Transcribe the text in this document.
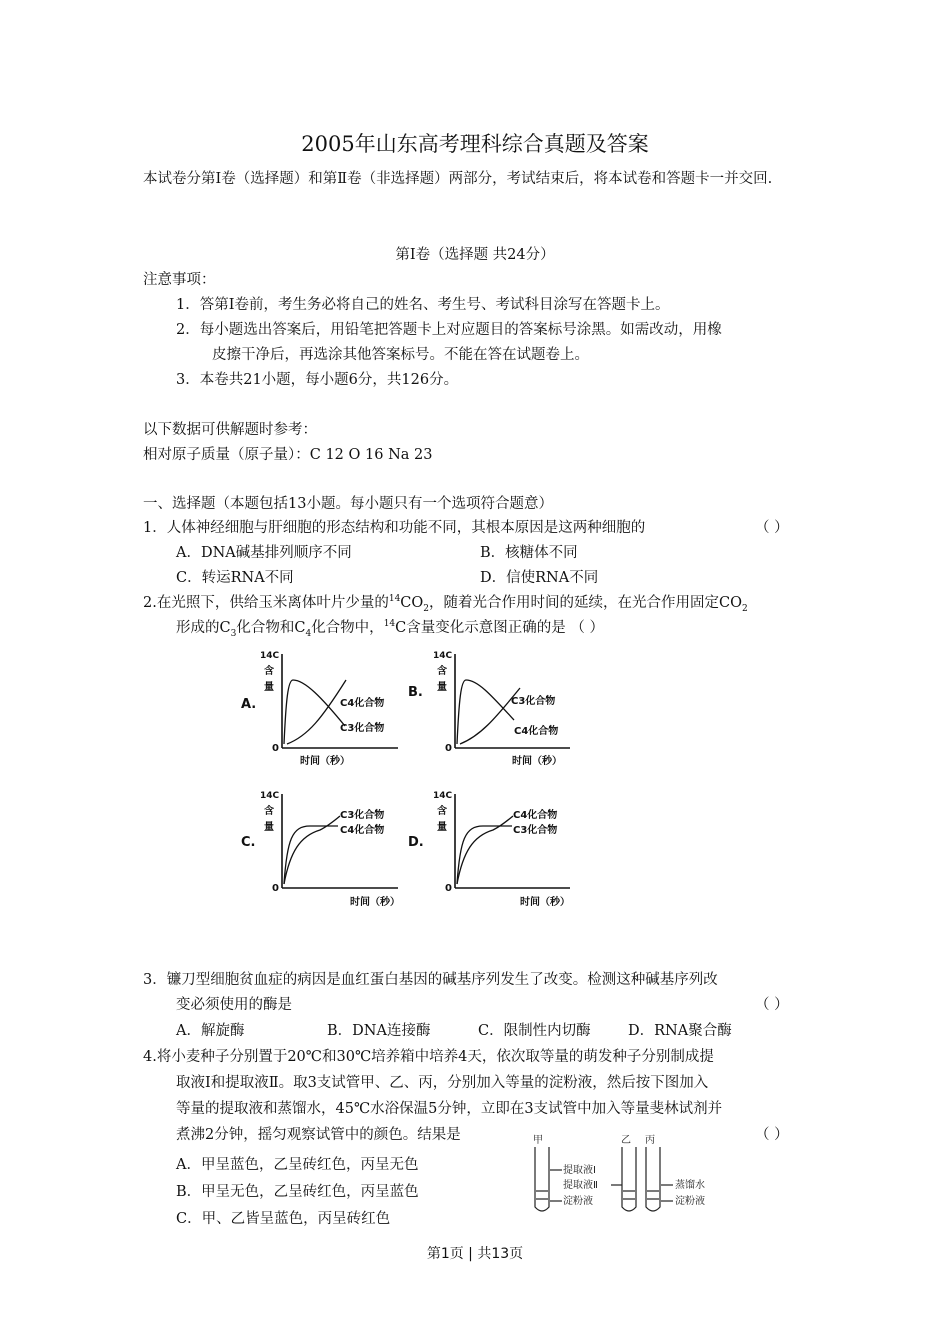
2005年山东高考理科综合真题及答案
本试卷分第Ⅰ卷（选择题）和第Ⅱ卷（非选择题）两部分，考试结束后，将本试卷和答题卡一并交回.
第Ⅰ卷（选择题 共24分）
注意事项：
1．答第Ⅰ卷前，考生务必将自己的姓名、考生号、考试科目涂写在答题卡上。
2．每小题选出答案后，用铅笔把答题卡上对应题目的答案标号涂黑。如需改动，用橡
皮擦干净后，再选涂其他答案标号。不能在答在试题卷上。
3．本卷共21小题，每小题6分，共126分。
以下数据可供解题时参考：
相对原子质量（原子量）：C 12 O 16 Na 23
一、选择题（本题包括13小题。每小题只有一个选项符合题意）
1．人体神经细胞与肝细胞的形态结构和功能不同，其根本原因是这两种细胞的	（ ）
A．DNA碱基排列顺序不同	B．核糖体不同
C．转运RNA不同	D．信使RNA不同
2.在光照下，供给玉米离体叶片少量的$^{14}CO_2$，随着光合作用时间的延续，在光合作用固定$CO_2$
形成的$C_3$化合物和$C_4$化合物中，$^{14}$C含量变化示意图正确的是 （ ）
A.
14C
含
量
0
C4化合物
C3化合物
时间（秒）
B.
14C
含
量
0
C3化合物
C4化合物
时间（秒）
C.
14C
含
量
0
C3化合物
C4化合物
时间（秒）
D.
14C
含
量
0
C4化合物
C3化合物
时间（秒）
3．镰刀型细胞贫血症的病因是血红蛋白基因的碱基序列发生了改变。检测这种碱基序列改
变必须使用的酶是	（ ）
A．解旋酶	B．DNA连接酶	C．限制性内切酶	D．RNA聚合酶
4.将小麦种子分别置于20℃和30℃培养箱中培养4天，依次取等量的萌发种子分别制成提
取液Ⅰ和提取液Ⅱ。取3支试管甲、乙、丙，分别加入等量的淀粉液，然后按下图加入
等量的提取液和蒸馏水，45℃水浴保温5分钟，立即在3支试管中加入等量斐林试剂并
煮沸2分钟，摇匀观察试管中的颜色。结果是	（ ）
A．甲呈蓝色，乙呈砖红色，丙呈无色
B．甲呈无色，乙呈砖红色，丙呈蓝色
C．甲、乙皆呈蓝色，丙呈砖红色
甲	乙 丙
提取液Ⅰ
提取液Ⅱ
淀粉液
蒸馏水
淀粉液
第1页 | 共13页
